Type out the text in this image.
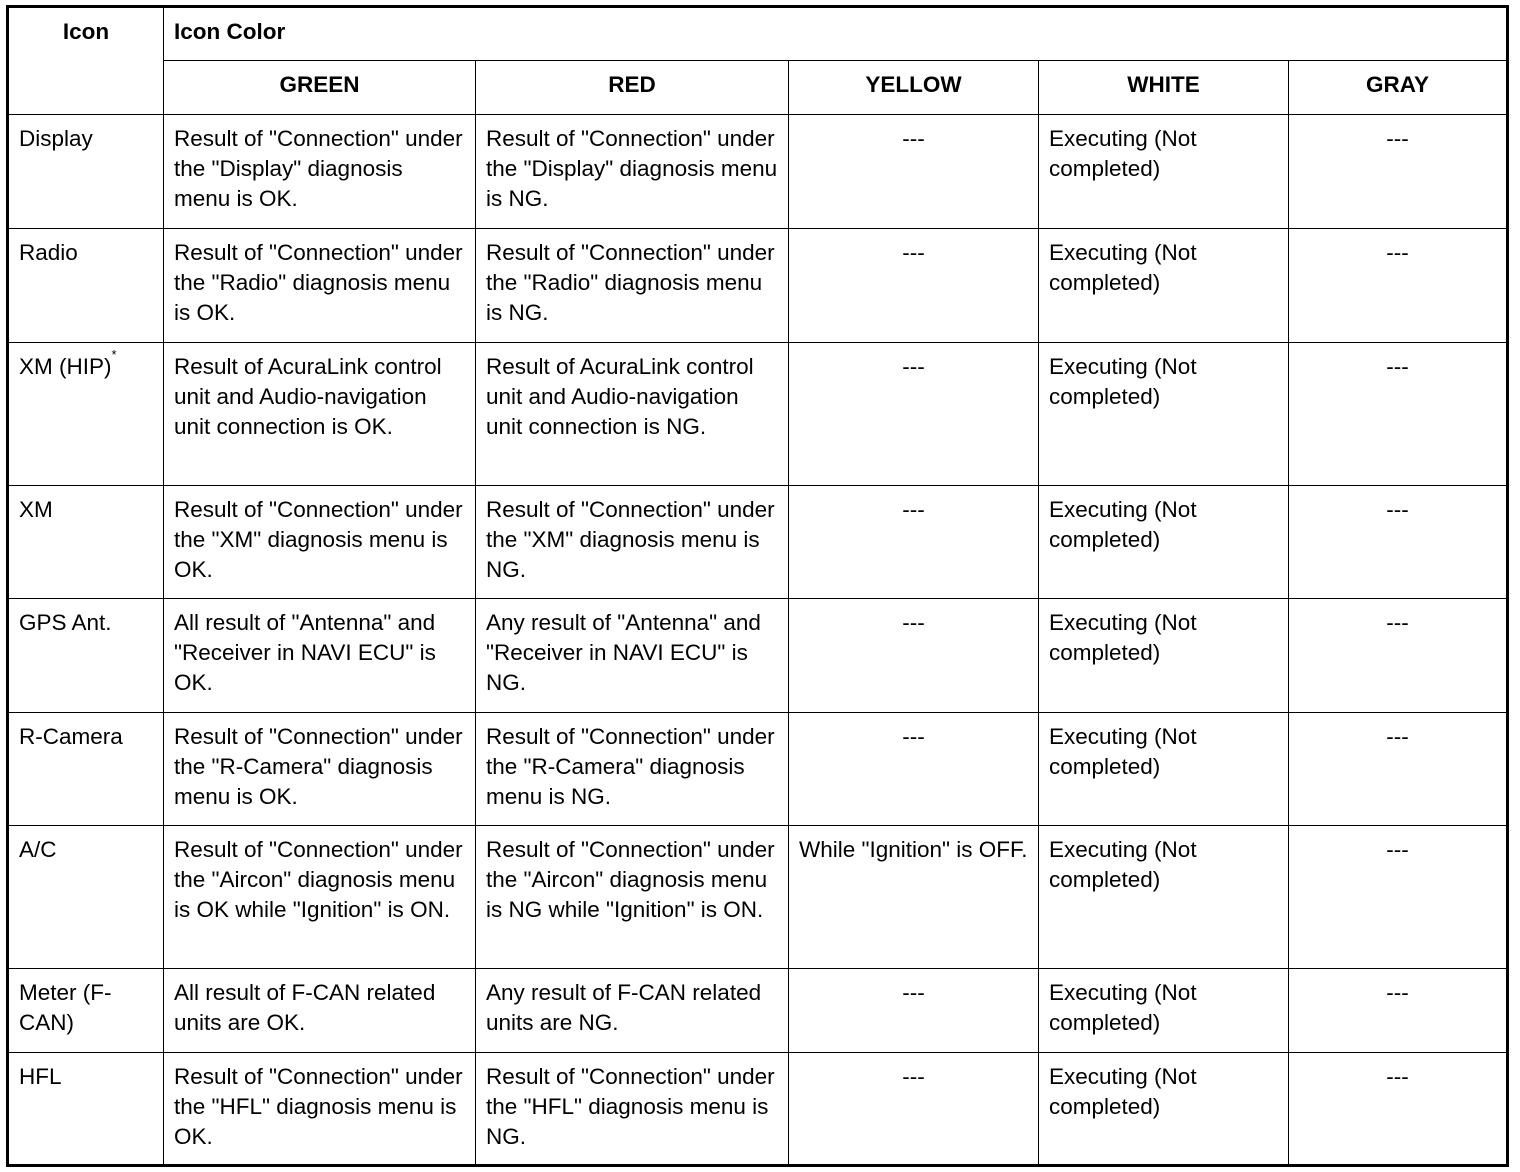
Icon	Icon Color				
	GREEN	RED	YELLOW	WHITE	GRAY
Display	Result of "Connection" under the "Display" diagnosis menu is OK.	Result of "Connection" under the "Display" diagnosis menu is NG.	---	Executing (Not completed)	---
Radio	Result of "Connection" under the "Radio" diagnosis menu is OK.	Result of "Connection" under the "Radio" diagnosis menu is NG.	---	Executing (Not completed)	---
XM (HIP)*	Result of AcuraLink control unit and Audio-navigation unit connection is OK.	Result of AcuraLink control unit and Audio-navigation unit connection is NG.	---	Executing (Not completed)	---
XM	Result of "Connection" under the "XM" diagnosis menu is OK.	Result of "Connection" under the "XM" diagnosis menu is NG.	---	Executing (Not completed)	---
GPS Ant.	All result of "Antenna" and "Receiver in NAVI ECU" is OK.	Any result of "Antenna" and "Receiver in NAVI ECU" is NG.	---	Executing (Not completed)	---
R-Camera	Result of "Connection" under the "R-Camera" diagnosis menu is OK.	Result of "Connection" under the "R-Camera" diagnosis menu is NG.	---	Executing (Not completed)	---
A/C	Result of "Connection" under the "Aircon" diagnosis menu is OK while "Ignition" is ON.	Result of "Connection" under the "Aircon" diagnosis menu is NG while "Ignition" is ON.	While "Ignition" is OFF.	Executing (Not completed)	---
Meter (F-CAN)	All result of F-CAN related units are OK.	Any result of F-CAN related units are NG.	---	Executing (Not completed)	---
HFL	Result of "Connection" under the "HFL" diagnosis menu is OK.	Result of "Connection" under the "HFL" diagnosis menu is NG.	---	Executing (Not completed)	---
